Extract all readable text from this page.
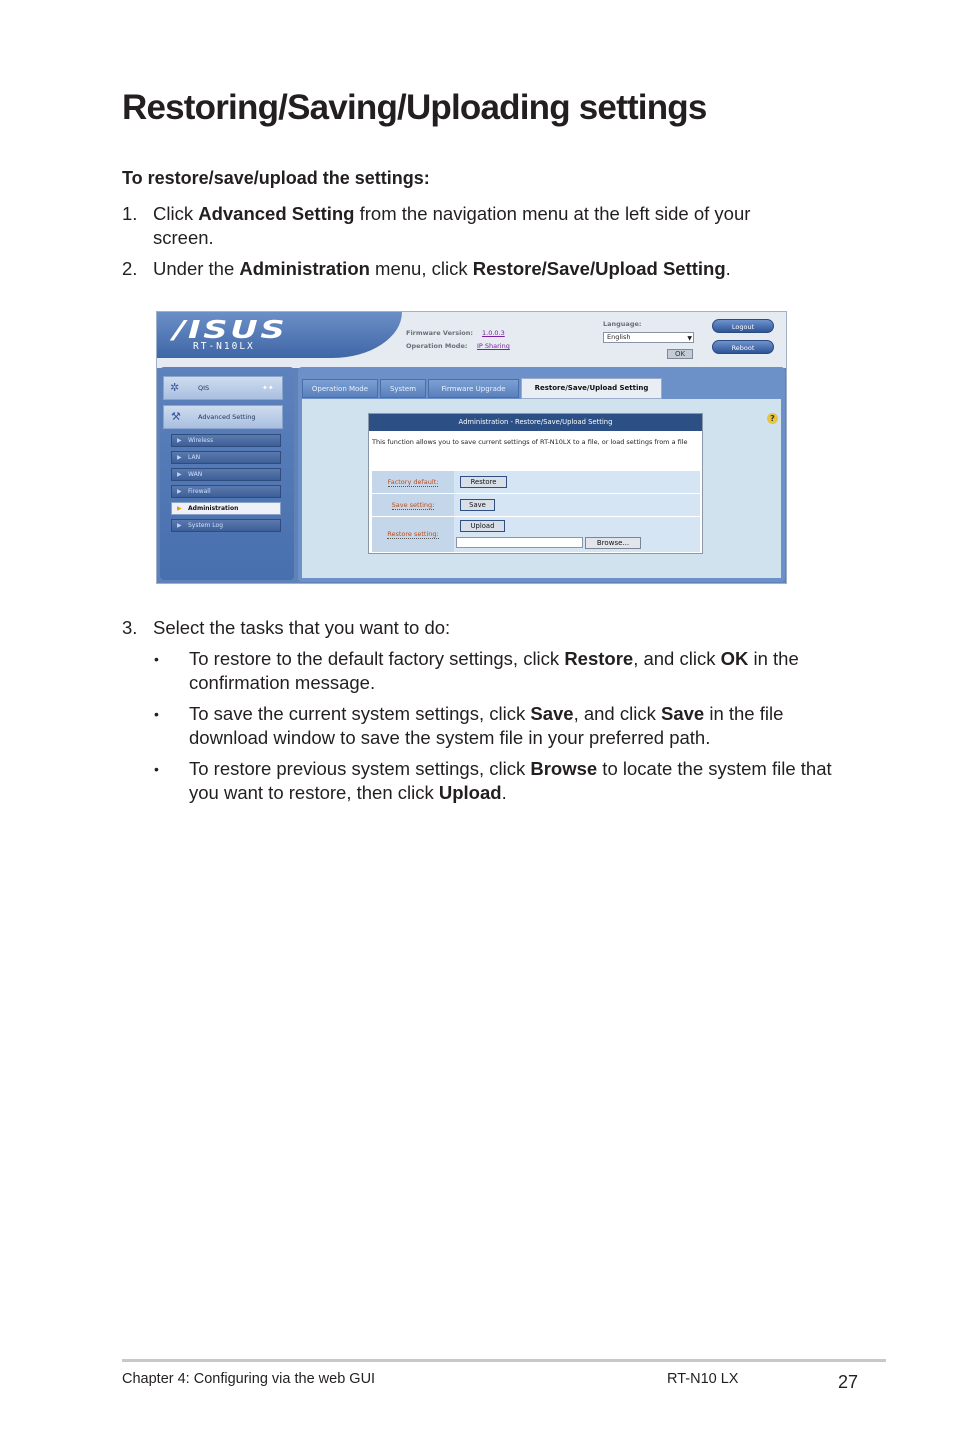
Restoring/Saving/Uploading settings
To restore/save/upload the settings:
1. Click Advanced Setting from the navigation menu at the left side of your screen.
2. Under the Administration menu, click Restore/Save/Upload Setting.
/ISUS
RT-N10LX
Firmware Version: 1.0.0.3
Operation Mode: IP Sharing
Language:
English	▼
OK
Logout
Reboot
✲	QIS	✦✦
⚒	Advanced Setting
▶ Wireless
▶ LAN
▶ WAN
▶ Firewall
▶ Administration
▶ System Log
Operation Mode	System	Firmware Upgrade	Restore/Save/Upload Setting
?
Administration - Restore/Save/Upload Setting
This function allows you to save current settings of RT-N10LX to a file, or load settings from a file
Factory default:	Restore
Save setting:	Save
Restore setting:
Upload
Browse...
3. Select the tasks that you want to do:
• To restore to the default factory settings, click Restore, and click OK in the confirmation message.
• To save the current system settings, click Save, and click Save in the file download window to save the system file in your preferred path.
• To restore previous system settings, click Browse to locate the system file that you want to restore, then click Upload.
Chapter 4: Configuring via the web GUI	RT-N10 LX	27
